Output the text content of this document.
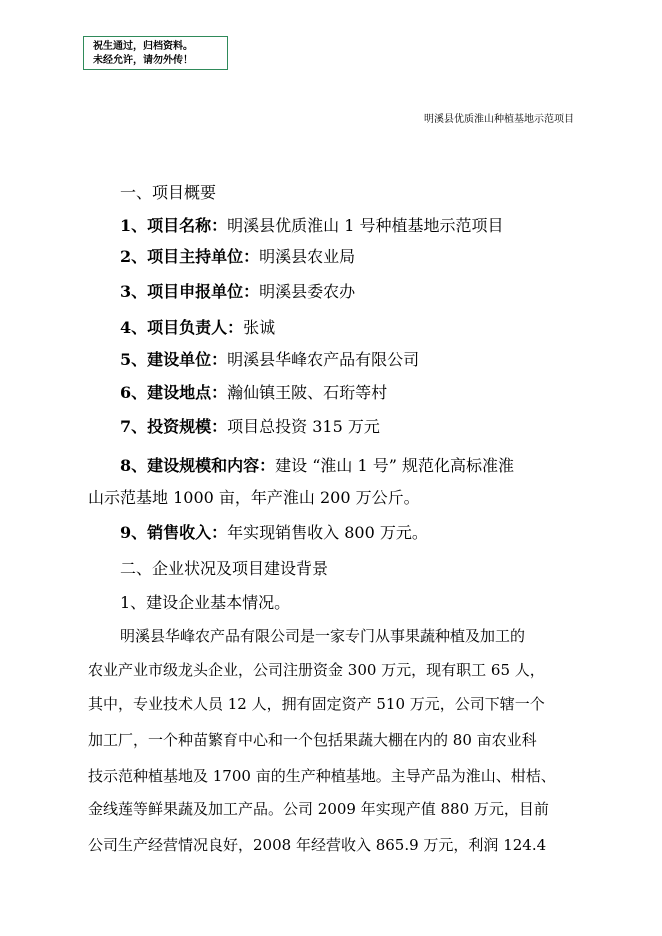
祝生通过，归档资料。
未经允许，请勿外传！
明溪县优质淮山种植基地示范项目
一、项目概要
1、项目名称：明溪县优质淮山 1 号种植基地示范项目
2、项目主持单位：明溪县农业局
3、项目申报单位：明溪县委农办
4、项目负责人：张诚
5、建设单位：明溪县华峰农产品有限公司
6、建设地点：瀚仙镇王陂、石珩等村
7、投资规模：项目总投资 315 万元
8、建设规模和内容：建设 “淮山 1 号” 规范化高标准淮
山示范基地 1000 亩，年产淮山 200 万公斤。
9、销售收入：年实现销售收入 800 万元。
二、企业状况及项目建设背景
1、建设企业基本情况。
明溪县华峰农产品有限公司是一家专门从事果蔬种植及加工的
农业产业市级龙头企业，公司注册资金 300 万元，现有职工 65 人，
其中，专业技术人员 12 人，拥有固定资产 510 万元，公司下辖一个
加工厂，一个种苗繁育中心和一个包括果蔬大棚在内的 80 亩农业科
技示范种植基地及 1700 亩的生产种植基地。主导产品为淮山、柑桔、
金线莲等鲜果蔬及加工产品。公司 2009 年实现产值 880 万元，目前
公司生产经营情况良好，2008 年经营收入 865.9 万元，利润 124.4
